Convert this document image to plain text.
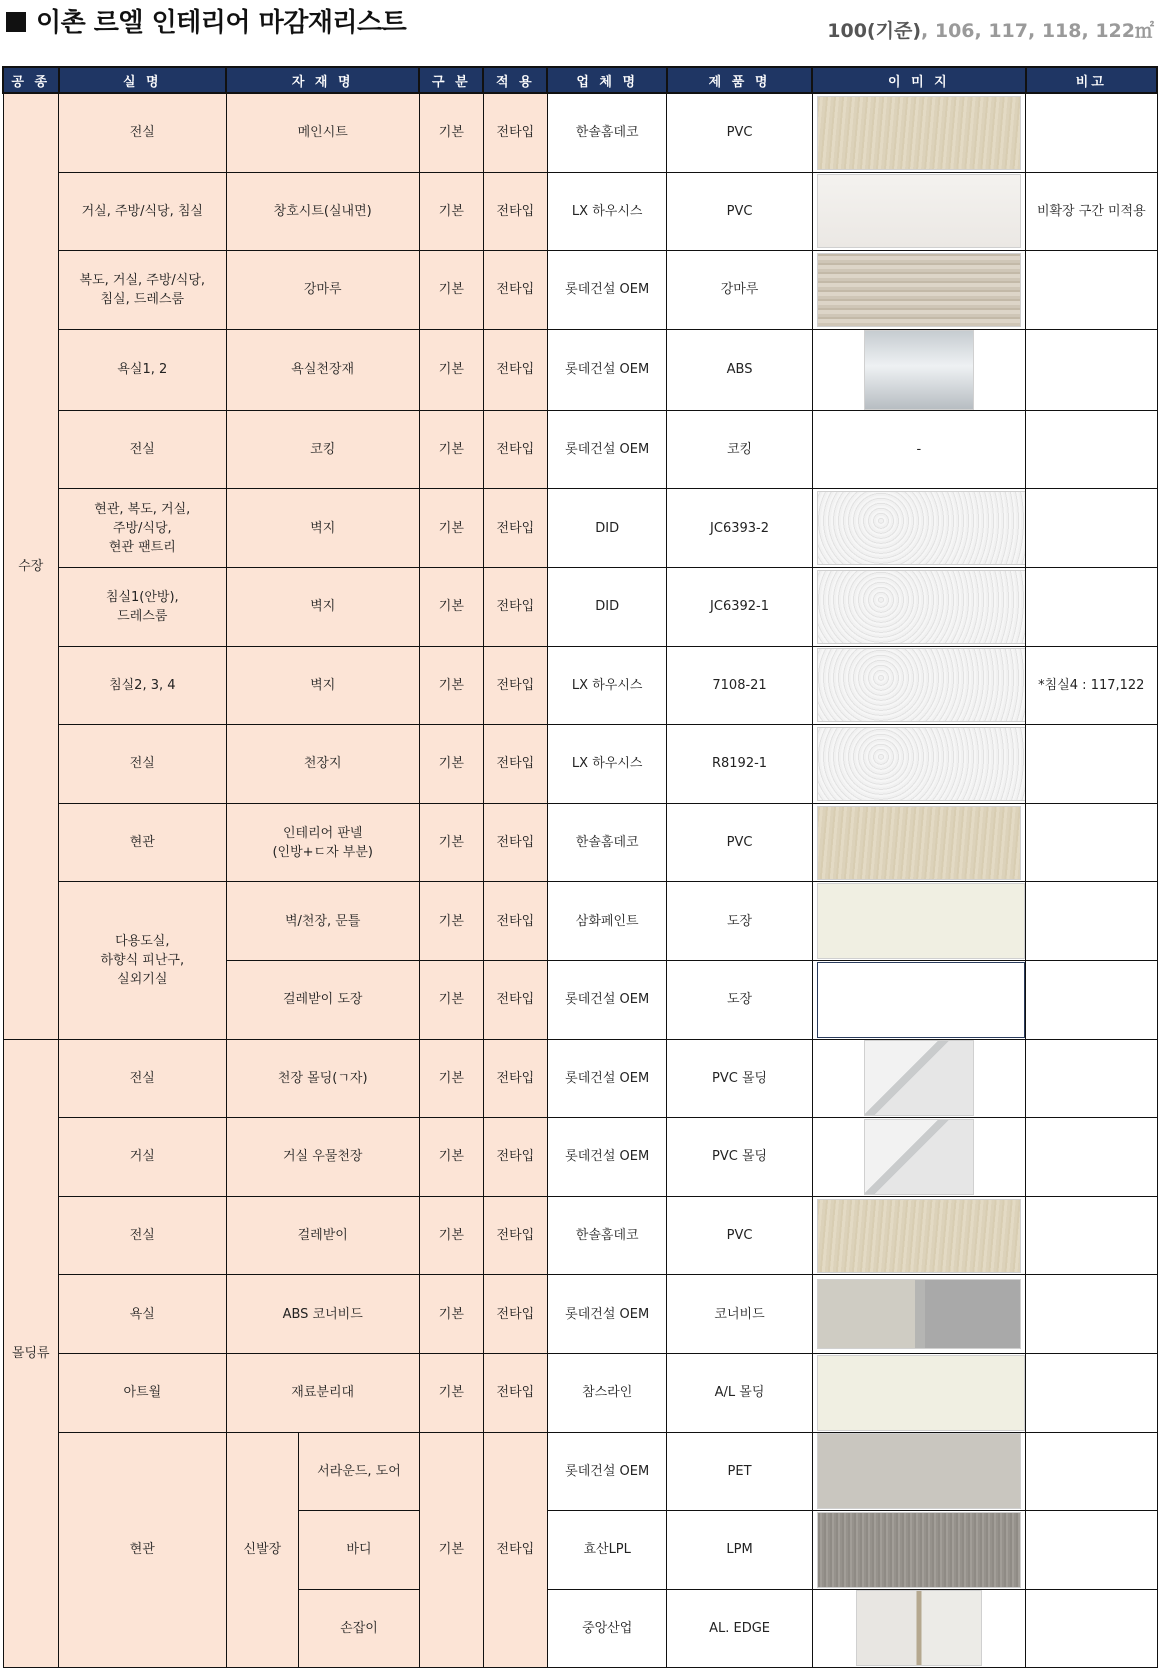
이촌 르엘 인테리어 마감재리스트	100(기준), 106, 117, 118, 122㎡
공 종	실 명	자 재 명		구 분	적 용	업 체 명	제 품 명	이 미 지	비고
수장	전실	메인시트		기본	전타입	한솔홈데코	PVC	

	거실, 주방/식당, 침실	창호시트(실내면)		기본	전타입	LX 하우시스	PVC		비확장 구간 미적용
	복도, 거실, 주방/식당,
침실, 드레스룸	강마루		기본	전타입	롯데건설 OEM	강마루	

	욕실1, 2	욕실천장재		기본	전타입	롯데건설 OEM	ABS	

	전실	코킹		기본	전타입	롯데건설 OEM	코킹	-	
	현관, 복도, 거실,
주방/식당,
현관 팬트리	벽지		기본	전타입	DID	JC6393-2	

	침실1(안방),
드레스룸	벽지		기본	전타입	DID	JC6392-1	

	침실2, 3, 4	벽지		기본	전타입	LX 하우시스	7108-21		*침실4 : 117,122
	전실	천장지		기본	전타입	LX 하우시스	R8192-1	

	현관	인테리어 판넬
(인방+ㄷ자 부분)		기본	전타입	한솔홈데코	PVC	

	다용도실,
하향식 피난구,
실외기실	벽/천장, 문틀		기본	전타입	삼화페인트	도장	

		걸레받이 도장		기본	전타입	롯데건설 OEM	도장	

몰딩류	전실	천장 몰딩(ㄱ자)		기본	전타입	롯데건설 OEM	PVC 몰딩	

	거실	거실 우물천장		기본	전타입	롯데건설 OEM	PVC 몰딩	

	전실	걸레받이		기본	전타입	한솔홈데코	PVC	

	욕실	ABS 코너비드		기본	전타입	롯데건설 OEM	코너비드	

	아트월	재료분리대		기본	전타입	참스라인	A/L 몰딩	

	현관	신발장	서라운드, 도어	기본	전타입	롯데건설 OEM	PET	

			바디			효산LPL	LPM	

			손잡이			중앙산업	AL. EDGE	
